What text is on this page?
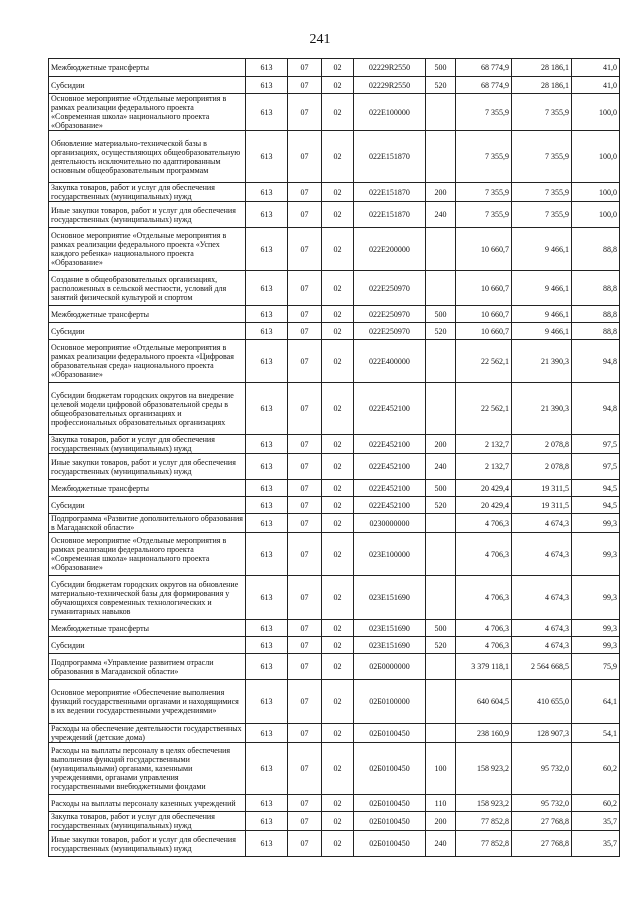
241
Межбюджетные трансферты	613	07	02	02229R2550	500	68 774,9	28 186,1	41,0
Субсидии	613	07	02	02229R2550	520	68 774,9	28 186,1	41,0
Основное мероприятие «Отдельные мероприятия в рамках реализации федерального проекта «Современная школа» национального проекта «Образование»	613	07	02	022E100000		7 355,9	7 355,9	100,0
Обновление материально-технической базы в организациях, осуществляющих общеобразовательную деятельность исключительно по адаптированным основным общеобразовательным программам	613	07	02	022E151870		7 355,9	7 355,9	100,0
Закупка товаров, работ и услуг для обеспечения государственных (муниципальных) нужд	613	07	02	022E151870	200	7 355,9	7 355,9	100,0
Иные закупки товаров, работ и услуг для обеспечения государственных (муниципальных) нужд	613	07	02	022E151870	240	7 355,9	7 355,9	100,0
Основное мероприятие «Отдельные мероприятия в рамках реализации федерального проекта «Успех каждого ребенка» национального проекта «Образование»	613	07	02	022E200000		10 660,7	9 466,1	88,8
Создание в общеобразовательных организациях, расположенных в сельской местности, условий для занятий физической культурой и спортом	613	07	02	022E250970		10 660,7	9 466,1	88,8
Межбюджетные трансферты	613	07	02	022E250970	500	10 660,7	9 466,1	88,8
Субсидии	613	07	02	022E250970	520	10 660,7	9 466,1	88,8
Основное мероприятие «Отдельные мероприятия в рамках реализации федерального проекта «Цифровая образовательная среда» национального проекта «Образование»	613	07	02	022E400000		22 562,1	21 390,3	94,8
Субсидии бюджетам городских округов на внедрение целевой модели цифровой образовательной среды в общеобразовательных организациях и профессиональных образовательных организациях	613	07	02	022E452100		22 562,1	21 390,3	94,8
Закупка товаров, работ и услуг для обеспечения государственных (муниципальных) нужд	613	07	02	022E452100	200	2 132,7	2 078,8	97,5
Иные закупки товаров, работ и услуг для обеспечения государственных (муниципальных) нужд	613	07	02	022E452100	240	2 132,7	2 078,8	97,5
Межбюджетные трансферты	613	07	02	022E452100	500	20 429,4	19 311,5	94,5
Субсидии	613	07	02	022E452100	520	20 429,4	19 311,5	94,5
Подпрограмма «Развитие дополнительного образования в Магаданской области»	613	07	02	0230000000		4 706,3	4 674,3	99,3
Основное мероприятие «Отдельные мероприятия в рамках реализации федерального проекта «Современная школа» национального проекта «Образование»	613	07	02	023E100000		4 706,3	4 674,3	99,3
Субсидии бюджетам городских округов на обновление материально-технической базы для формирования у обучающихся современных технологических и гуманитарных навыков	613	07	02	023E151690		4 706,3	4 674,3	99,3
Межбюджетные трансферты	613	07	02	023E151690	500	4 706,3	4 674,3	99,3
Субсидии	613	07	02	023E151690	520	4 706,3	4 674,3	99,3
Подпрограмма «Управление развитием отрасли образования в Магаданской области»	613	07	02	02Б0000000		3 379 118,1	2 564 668,5	75,9
Основное мероприятие «Обеспечение выполнения функций государственными органами и находящимися в их ведении государственными учреждениями»	613	07	02	02Б0100000		640 604,5	410 655,0	64,1
Расходы на обеспечение деятельности государственных учреждений (детские дома)	613	07	02	02Б0100450		238 160,9	128 907,3	54,1
Расходы на выплаты персоналу в целях обеспечения выполнения функций государственными (муниципальными) органами, казенными учреждениями, органами управления государственными внебюджетными фондами	613	07	02	02Б0100450	100	158 923,2	95 732,0	60,2
Расходы на выплаты персоналу казенных учреждений	613	07	02	02Б0100450	110	158 923,2	95 732,0	60,2
Закупка товаров, работ и услуг для обеспечения государственных (муниципальных) нужд	613	07	02	02Б0100450	200	77 852,8	27 768,8	35,7
Иные закупки товаров, работ и услуг для обеспечения государственных (муниципальных) нужд	613	07	02	02Б0100450	240	77 852,8	27 768,8	35,7
